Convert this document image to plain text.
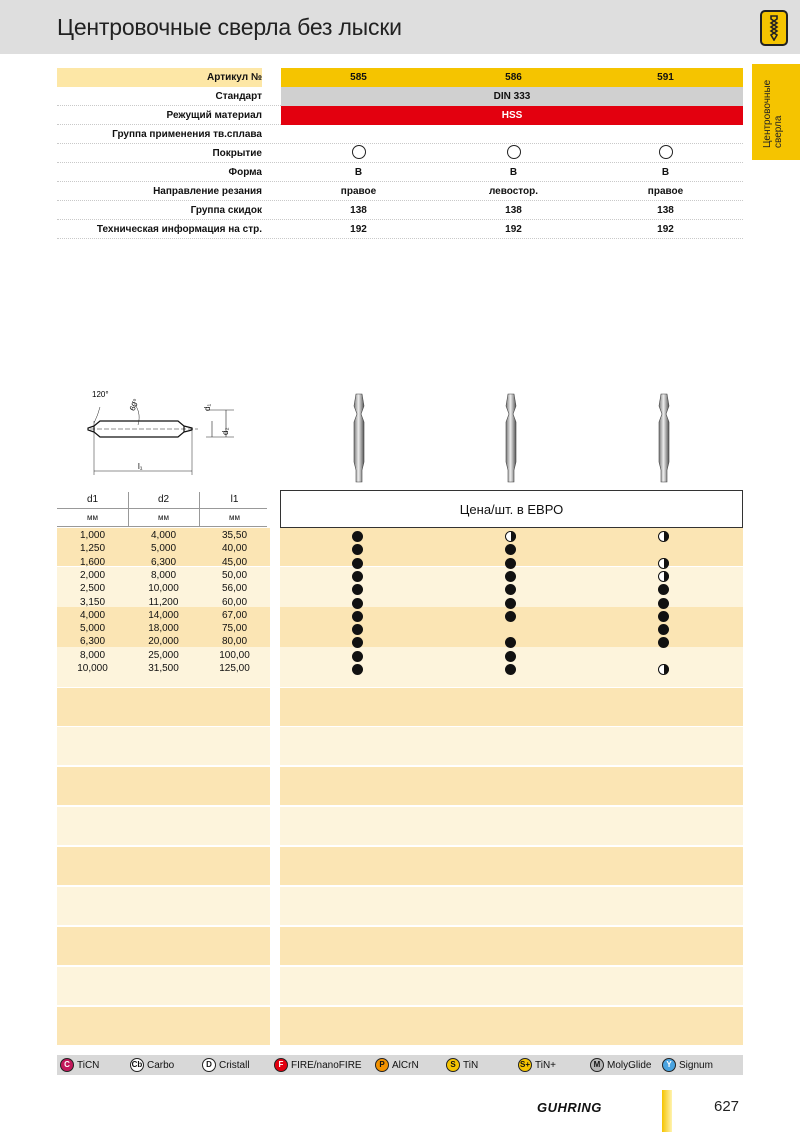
Центровочные сверла без лыски
Центровочные сверла
Артикул №	585	586	591
Стандарт	DIN 333
Режущий материал	HSS
Группа применения тв.сплава
Покрытие
Форма	B	B	B
Направление резания	правое	левостор.	правое
Группа скидок	138	138	138
Техническая информация на стр.	192	192	192
120°
60°	d₁
d₂
l₁
d1	d2	l1
мм	мм	мм
Цена/шт. в ЕВРО
1,000	4,000	35,50
1,250	5,000	40,00
1,600	6,300	45,00
2,000	8,000	50,00
2,500	10,000	56,00
3,150	11,200	60,00
4,000	14,000	67,00
5,000	18,000	75,00
6,300	20,000	80,00
8,000	25,000	100,00
10,000	31,500	125,00
C TiCN	Cb Carbo	D Cristall	F FIRE/nanoFIRE	P AlCrN	S TiN	S+ TiN+	M MolyGlide	Y Signum
GUHRING	627
